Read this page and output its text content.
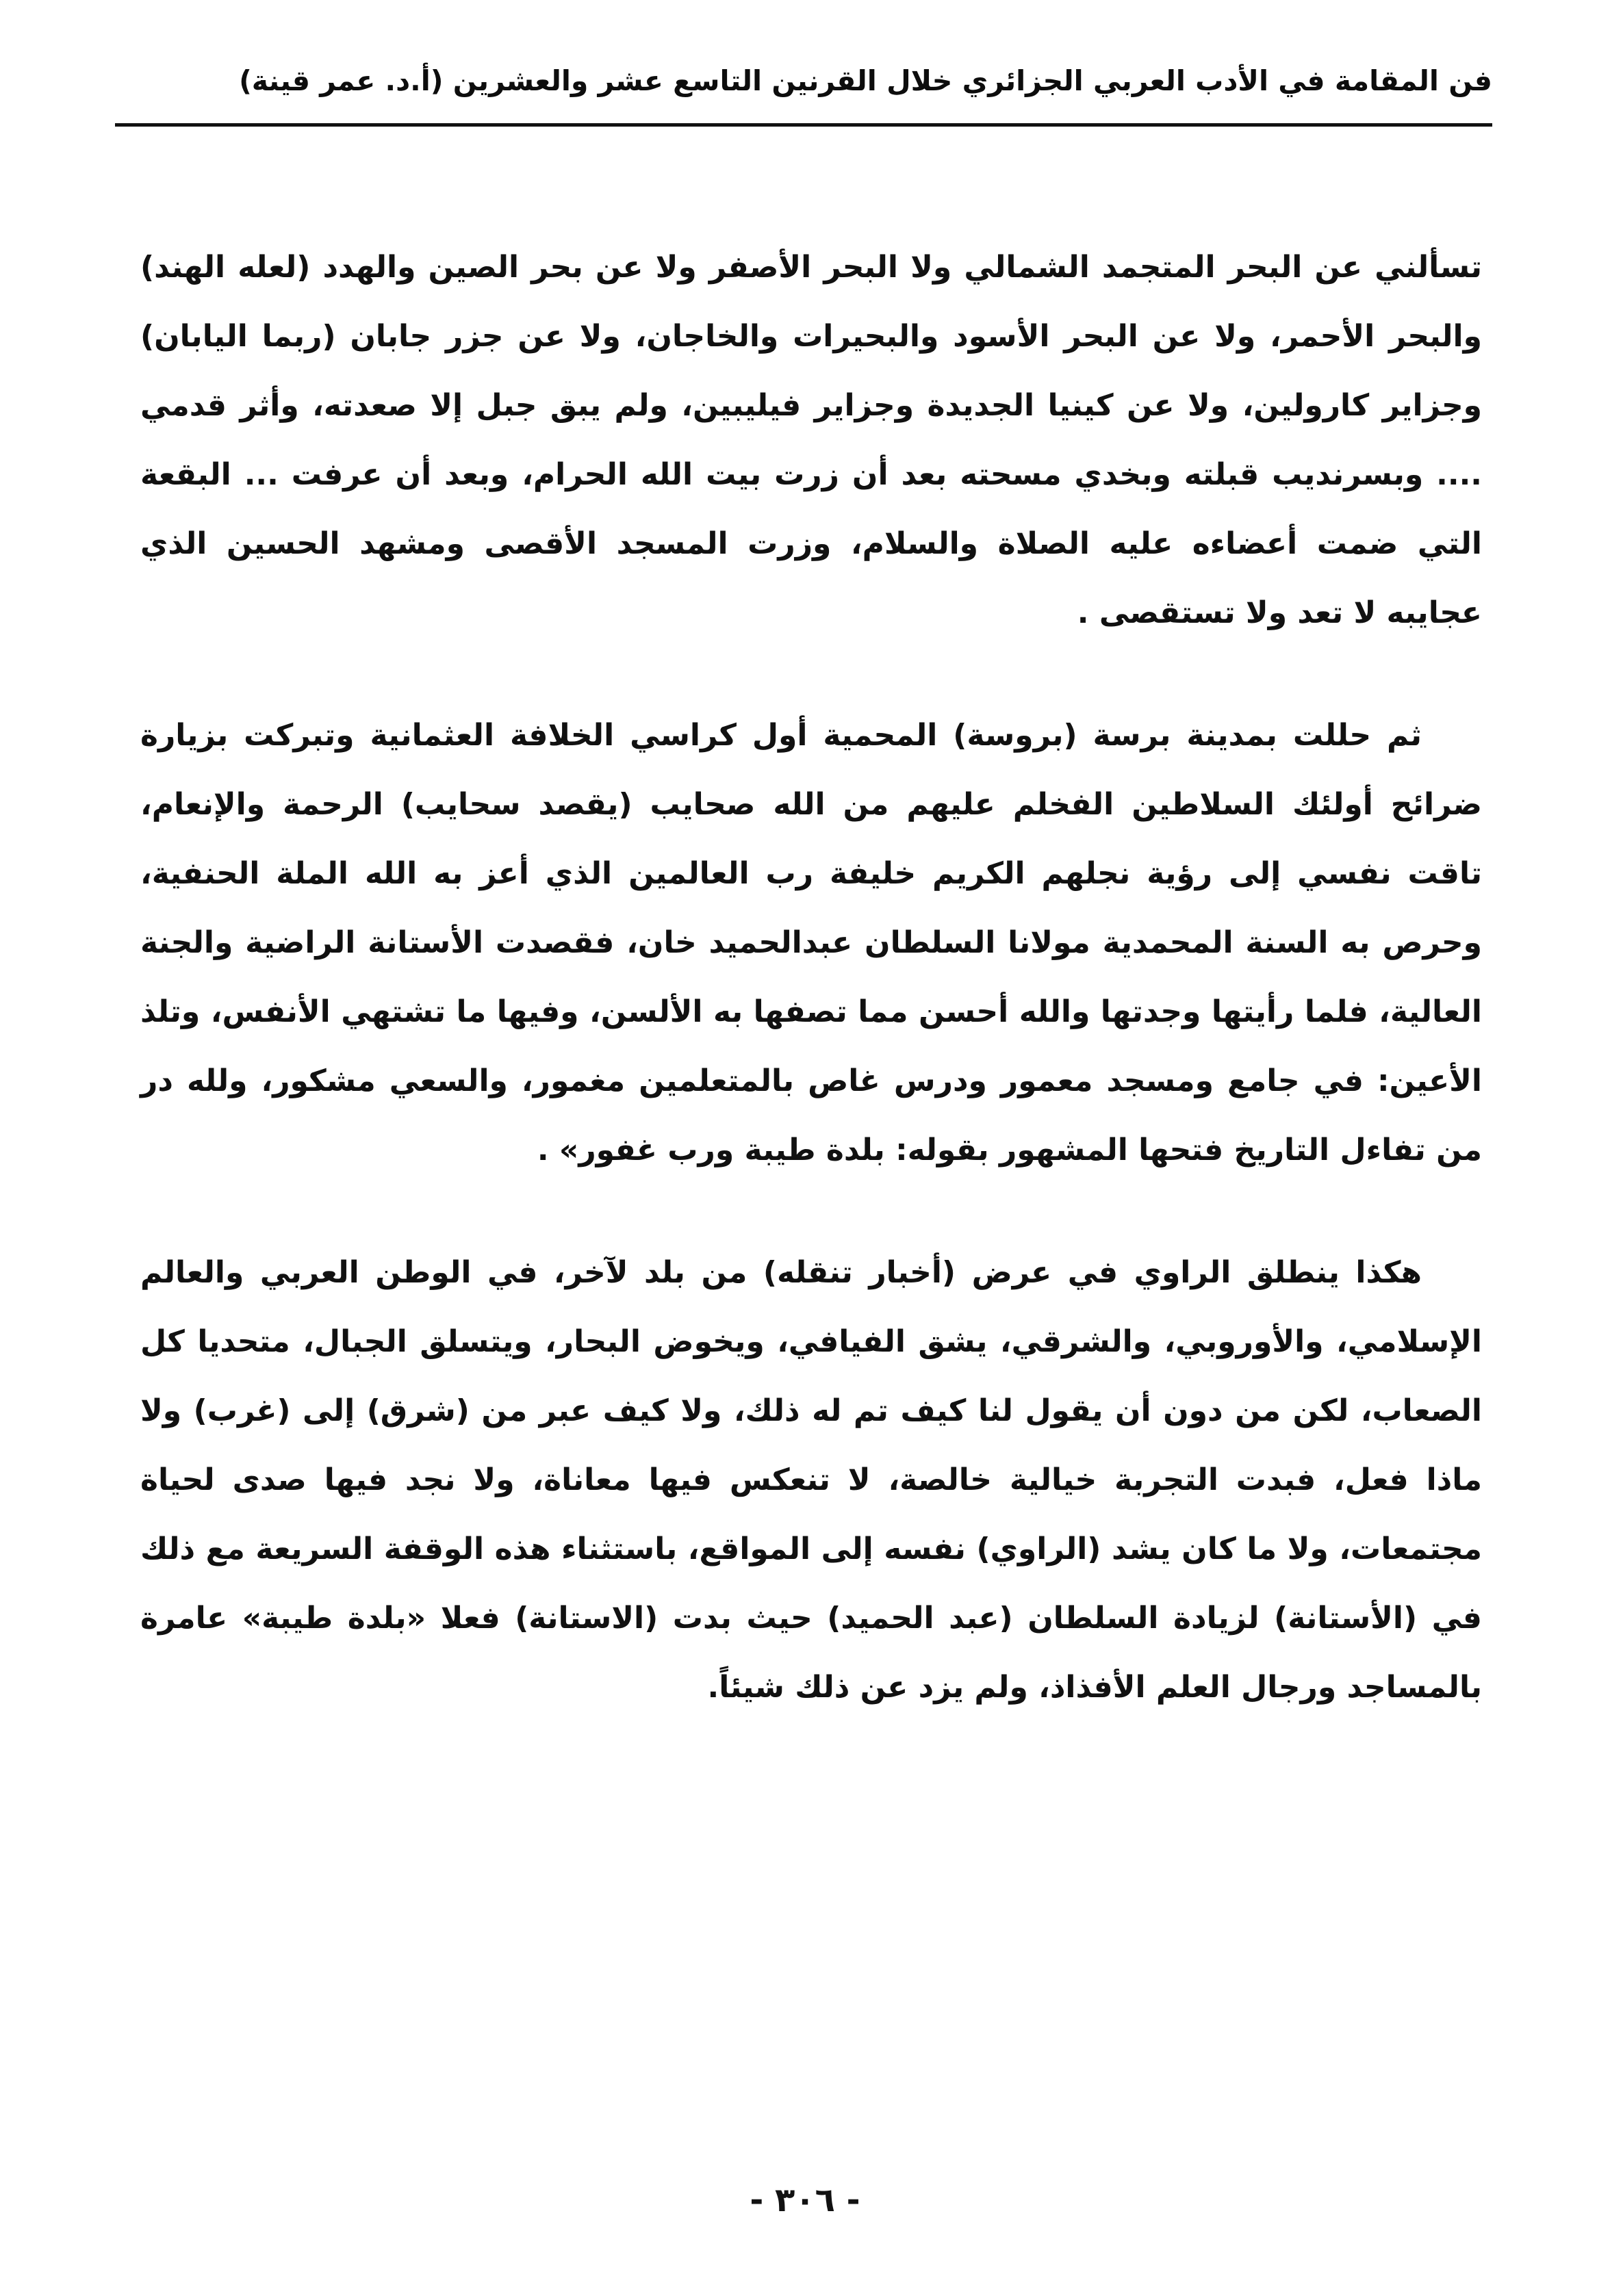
فن المقامة في الأدب العربي الجزائري خلال القرنين التاسع عشر والعشرين (أ.د. عمر قينة)

تسألني عن البحر المتجمد الشمالي ولا البحر الأصفر ولا عن بحر الصين والهدد (لعله الهند) والبحر الأحمر، ولا عن البحر الأسود والبحيرات والخاجان، ولا عن جزر جابان (ربما اليابان) وجزاير كارولين، ولا عن كينيا الجديدة وجزاير فيليبين، ولم يبق جبل إلا صعدته، وأثر قدمي .... وبسرنديب قبلته وبخدي مسحته بعد أن زرت بيت الله الحرام، وبعد أن عرفت ... البقعة التي ضمت أعضاءه عليه الصلاة والسلام، وزرت المسجد الأقصى ومشهد الحسين الذي عجايبه لا تعد ولا تستقصى .

ثم حللت بمدينة برسة (بروسة) المحمية أول كراسي الخلافة العثمانية وتبركت بزيارة ضرائح أولئك السلاطين الفخلم عليهم من الله صحايب (يقصد سحايب) الرحمة والإنعام، تاقت نفسي إلى رؤية نجلهم الكريم خليفة رب العالمين الذي أعز به الله الملة الحنفية، وحرص به السنة المحمدية مولانا السلطان عبدالحميد خان، فقصدت الأستانة الراضية والجنة العالية، فلما رأيتها وجدتها والله أحسن مما تصفها به الألسن، وفيها ما تشتهي الأنفس، وتلذ الأعين: في جامع ومسجد معمور ودرس غاص بالمتعلمين مغمور، والسعي مشكور، ولله در من تفاءل التاريخ فتحها المشهور بقوله: بلدة طيبة ورب غفور» .

هكذا ينطلق الراوي في عرض (أخبار تنقله) من بلد لآخر، في الوطن العربي والعالم الإسلامي، والأوروبي، والشرقي، يشق الفيافي، ويخوض البحار، ويتسلق الجبال، متحديا كل الصعاب، لكن من دون أن يقول لنا كيف تم له ذلك، ولا كيف عبر من (شرق) إلى (غرب) ولا ماذا فعل، فبدت التجربة خيالية خالصة، لا تنعكس فيها معاناة، ولا نجد فيها صدى لحياة مجتمعات، ولا ما كان يشد (الراوي) نفسه إلى المواقع، باستثناء هذه الوقفة السريعة مع ذلك في (الأستانة) لزيادة السلطان (عبد الحميد) حيث بدت (الاستانة) فعلا «بلدة طيبة» عامرة بالمساجد ورجال العلم الأفذاذ، ولم يزد عن ذلك شيئاً.

- ٣٠٦ -
